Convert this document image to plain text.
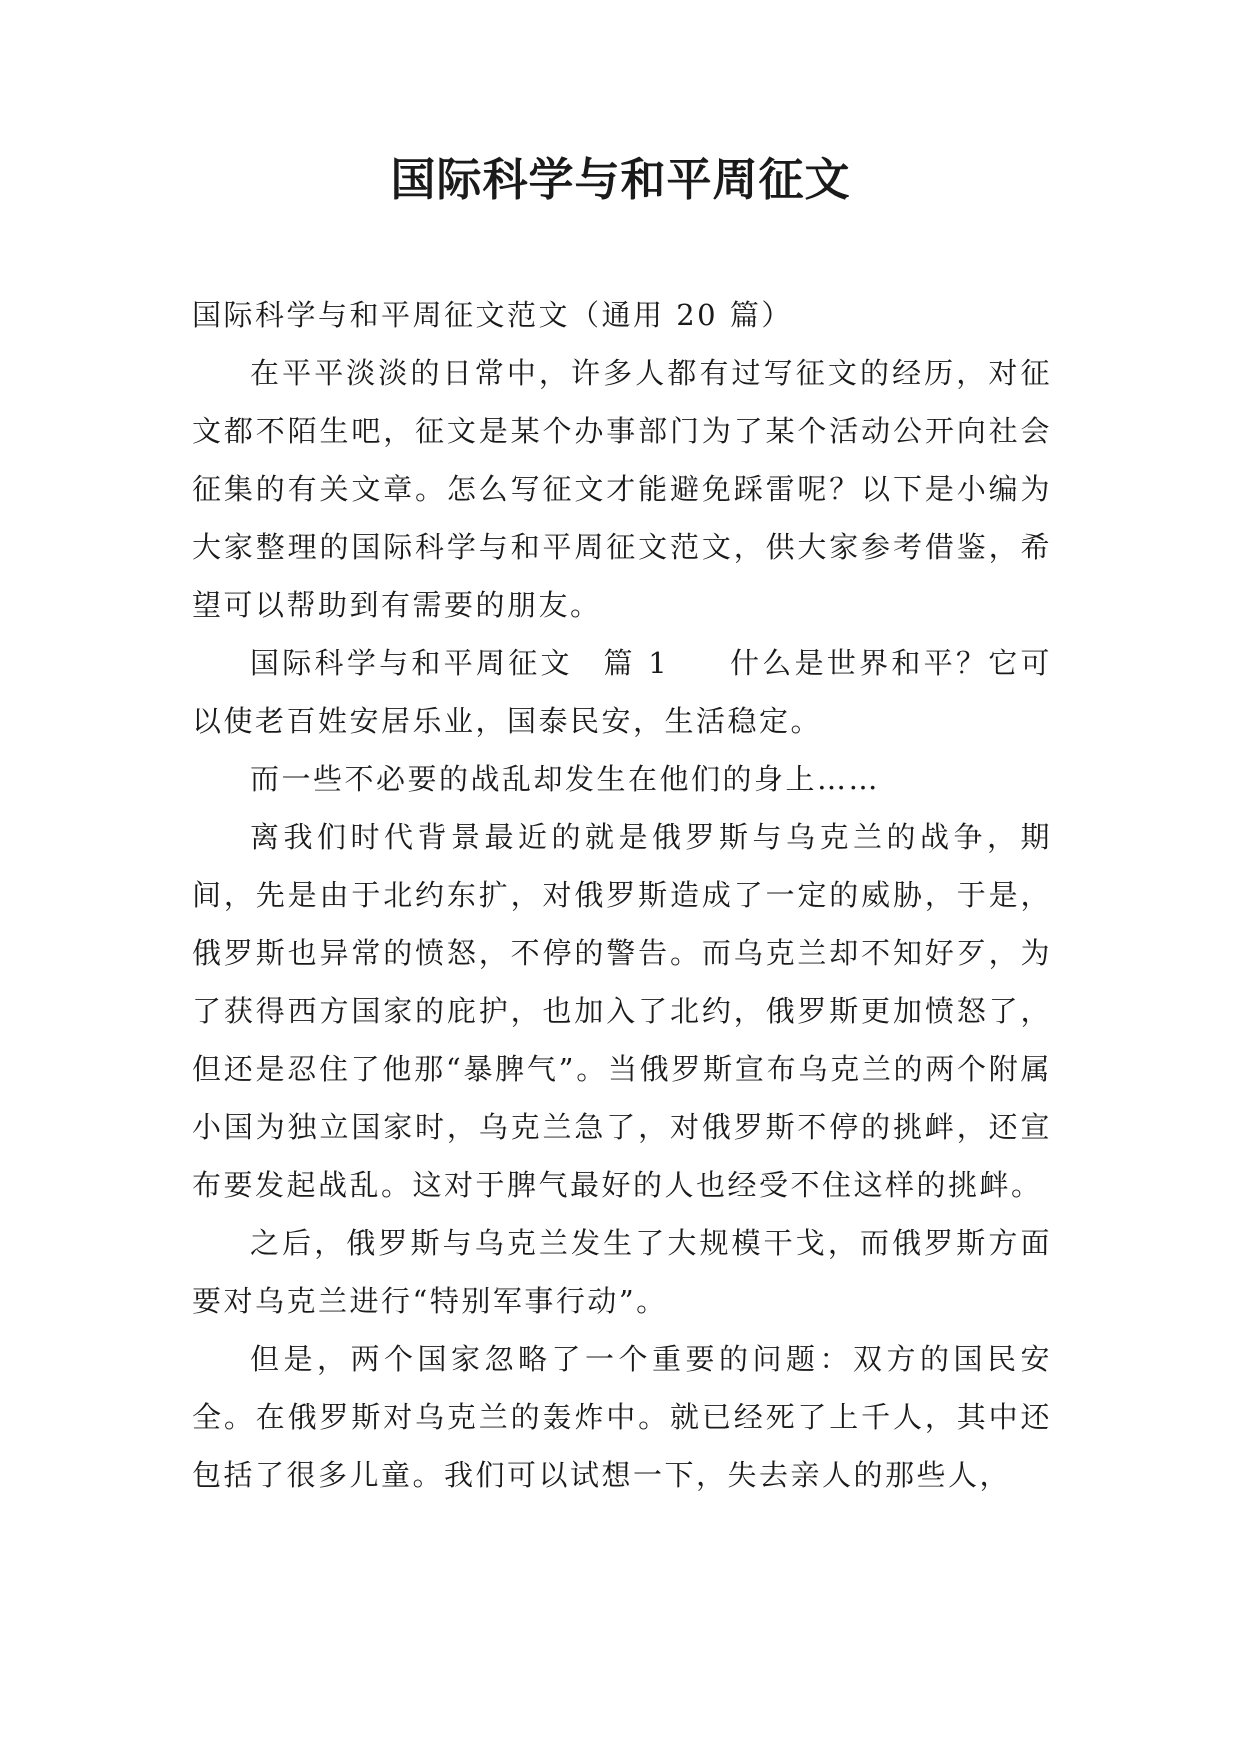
国际科学与和平周征文

国际科学与和平周征文范文（通用 20 篇）

在平平淡淡的日常中，许多人都有过写征文的经历，对征文都不陌生吧，征文是某个办事部门为了某个活动公开向社会征集的有关文章。怎么写征文才能避免踩雷呢？以下是小编为大家整理的国际科学与和平周征文范文，供大家参考借鉴，希望可以帮助到有需要的朋友。

国际科学与和平周征文 篇 1 什么是世界和平？它可以使老百姓安居乐业，国泰民安，生活稳定。

而一些不必要的战乱却发生在他们的身上……

离我们时代背景最近的就是俄罗斯与乌克兰的战争，期间，先是由于北约东扩，对俄罗斯造成了一定的威胁，于是，俄罗斯也异常的愤怒，不停的警告。而乌克兰却不知好歹，为了获得西方国家的庇护，也加入了北约，俄罗斯更加愤怒了，但还是忍住了他那“暴脾气”。当俄罗斯宣布乌克兰的两个附属小国为独立国家时，乌克兰急了，对俄罗斯不停的挑衅，还宣布要发起战乱。这对于脾气最好的人也经受不住这样的挑衅。

之后，俄罗斯与乌克兰发生了大规模干戈，而俄罗斯方面要对乌克兰进行“特别军事行动”。

但是，两个国家忽略了一个重要的问题：双方的国民安全。在俄罗斯对乌克兰的轰炸中。就已经死了上千人，其中还包括了很多儿童。我们可以试想一下，失去亲人的那些人，
